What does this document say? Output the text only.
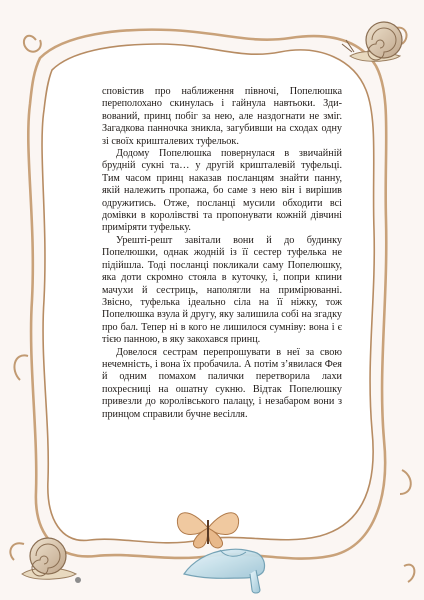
сповістив про наближення півночі, Попелюшка переполохано скинулась і гайнула навтьоки. Здивований, принц побіг за нею, але наздогнати не зміг. Загадкова панночка зникла, загубивши на сходах одну зі своїх кришталевих туфельок.

Додому Попелюшка повернулася в звичайній брудній сукні та… у другій кришталевій туфельці. Тим часом принц наказав посланцям знайти панну, якій належить пропажа, бо саме з нею він і вирішив одружитись. Отже, посланці мусили обходити всі домівки в королівстві та пропонувати кожній дівчині приміряти туфельку.

Урешті-решт завітали вони й до будинку Попелюшки, однак жодній із її сестер туфелька не підійшла. Тоді посланці покликали саму Попелюшку, яка доти скромно стояла в куточку, і, попри кпини мачухи й сестриць, наполягли на примірюванні. Звісно, туфелька ідеально сіла на її ніжку, тож Попелюшка взула й другу, яку залишила собі на згадку про бал. Тепер ні в кого не лишилося сумніву: вона і є тією панною, в яку закохався принц.

Довелося сестрам перепрошувати в неї за свою нечемність, і вона їх пробачила. А потім з’явилася Фея й одним помахом палички перетворила лахи похресниці на ошатну сукню. Відтак Попелюшку привезли до королівського палацу, і незабаром вони з принцом справили бучне весілля.
